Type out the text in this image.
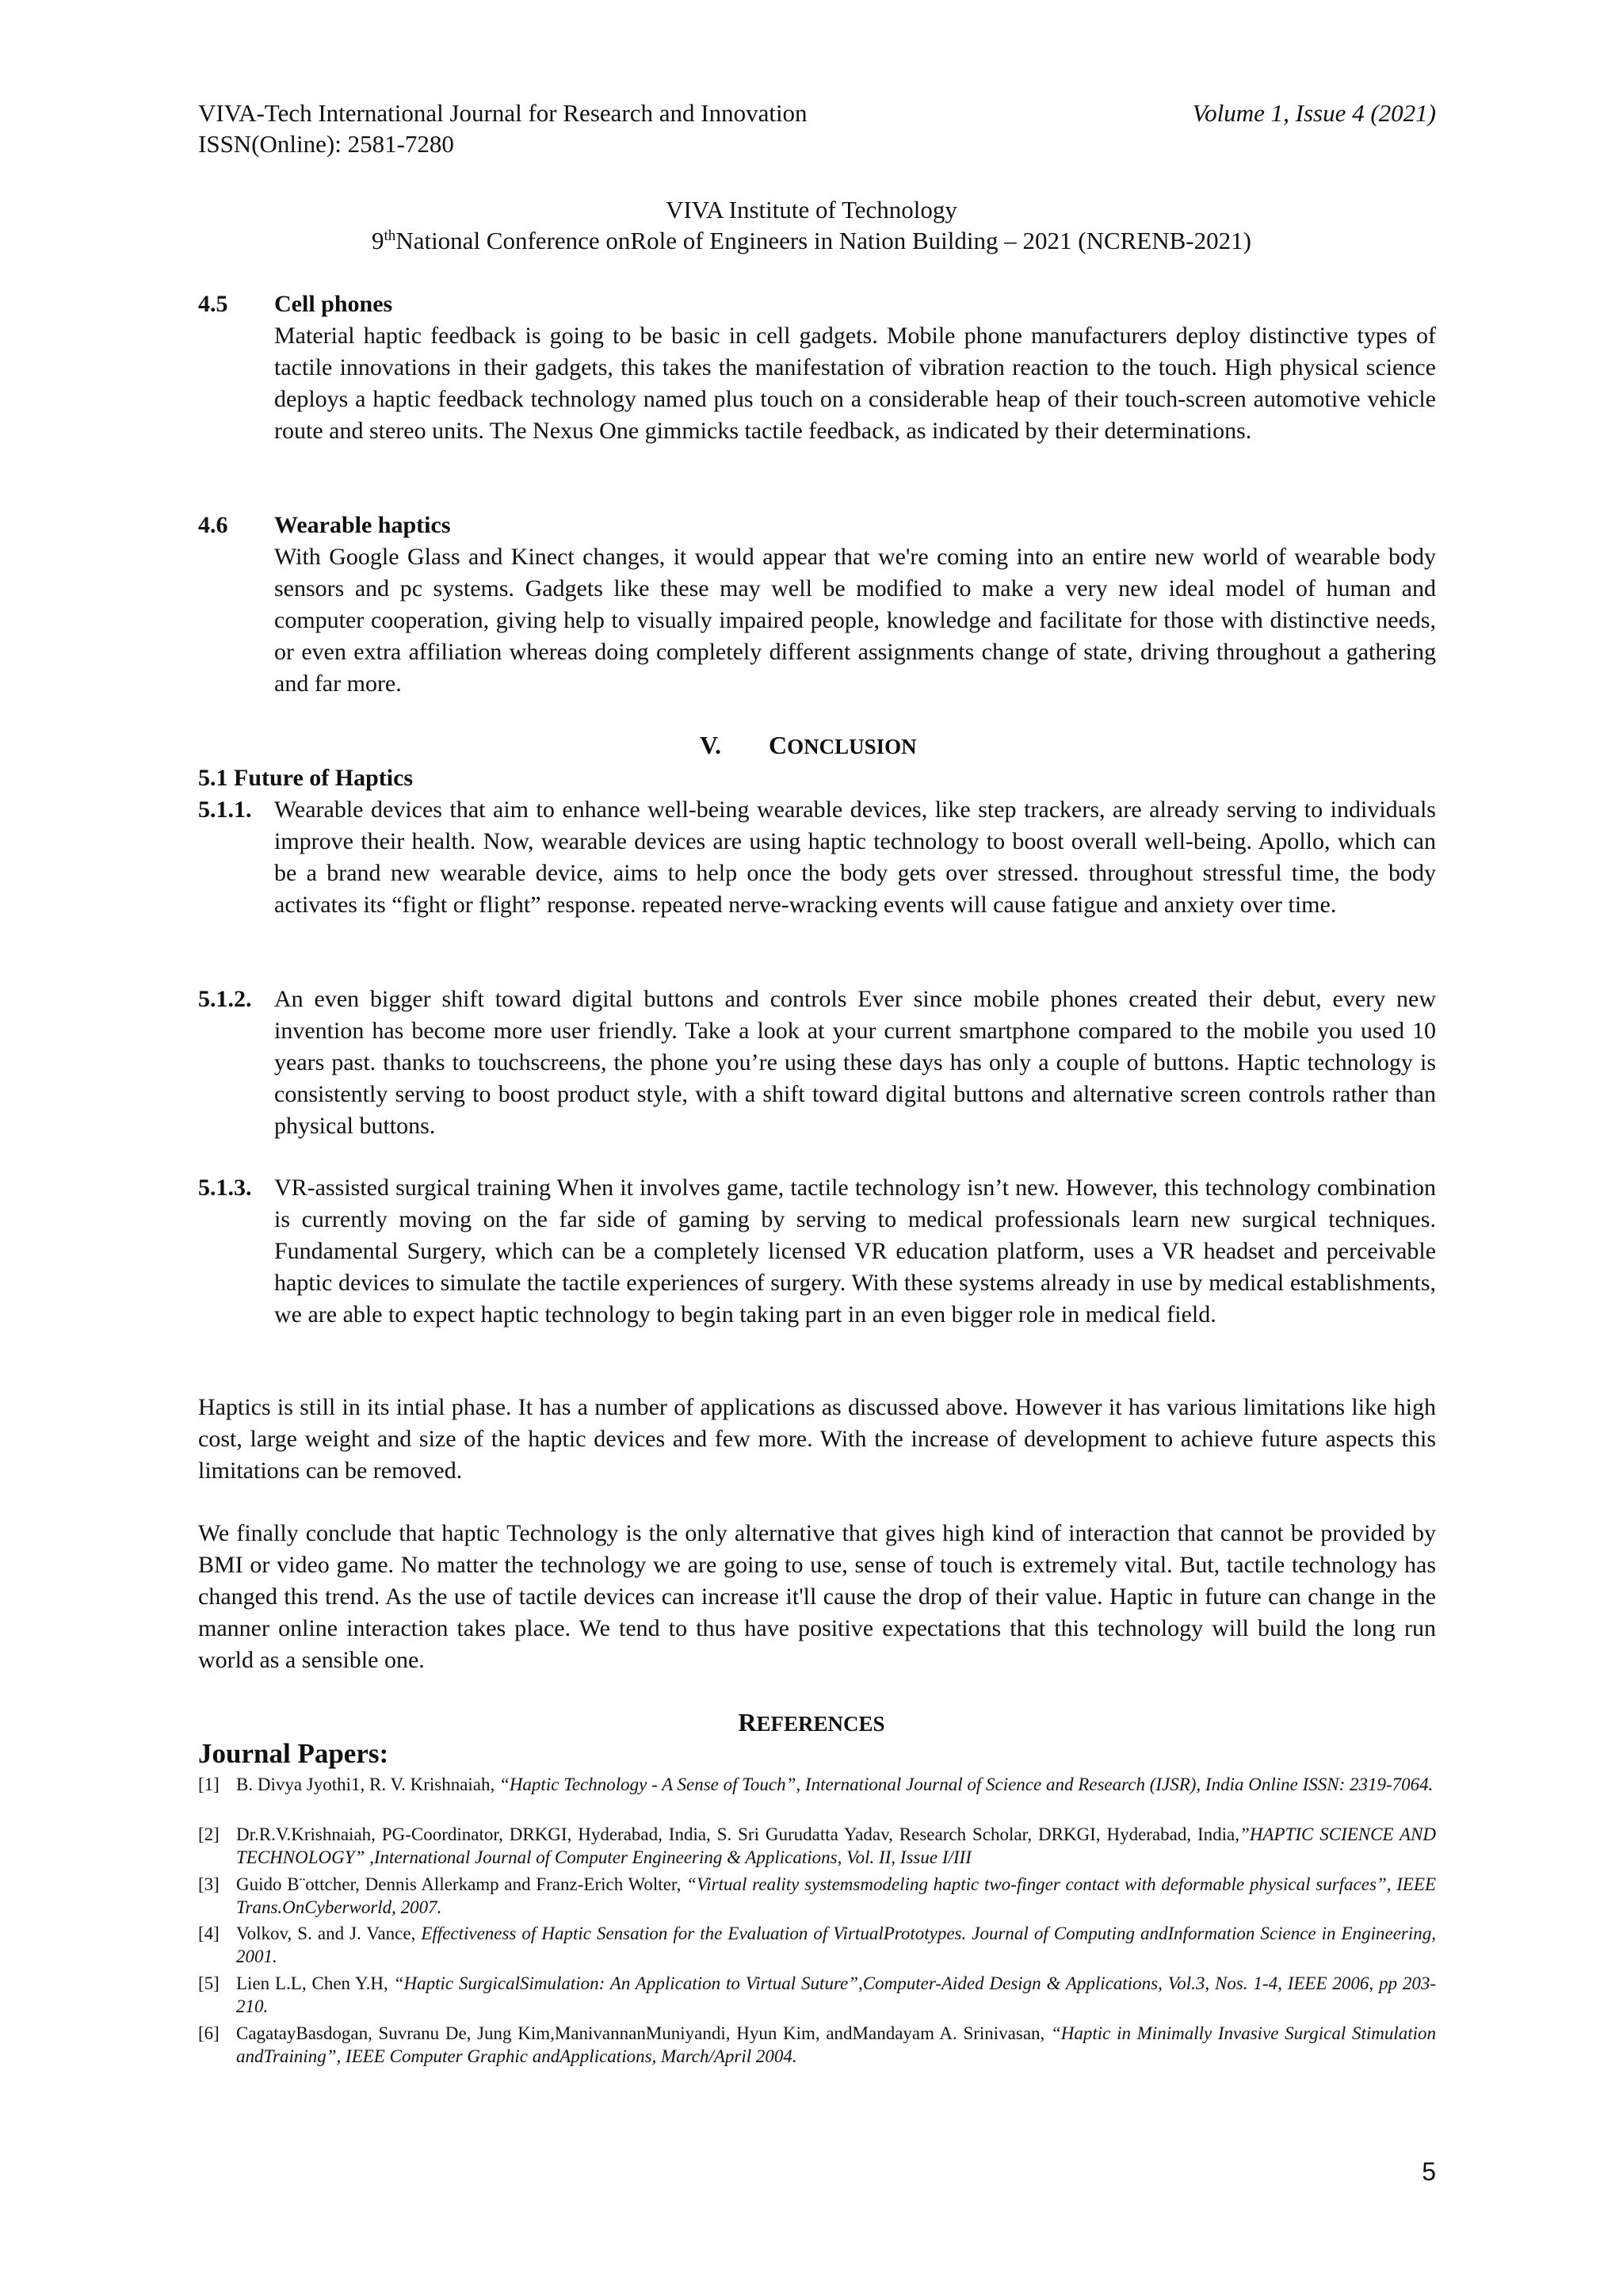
VIVA-Tech International Journal for Research and Innovation
ISSN(Online): 2581-7280
Volume 1, Issue 4 (2021)
VIVA Institute of Technology
9thNational Conference onRole of Engineers in Nation Building – 2021 (NCRENB-2021)
4.5 Cell phones

Material haptic feedback is going to be basic in cell gadgets. Mobile phone manufacturers deploy distinctive types of tactile innovations in their gadgets, this takes the manifestation of vibration reaction to the touch. High physical science deploys a haptic feedback technology named plus touch on a considerable heap of their touch-screen automotive vehicle route and stereo units. The Nexus One gimmicks tactile feedback, as indicated by their determinations.

4.6 Wearable haptics

With Google Glass and Kinect changes, it would appear that we're coming into an entire new world of wearable body sensors and pc systems. Gadgets like these may well be modified to make a very new ideal model of human and computer cooperation, giving help to visually impaired people, knowledge and facilitate for those with distinctive needs, or even extra affiliation whereas doing completely different assignments change of state, driving throughout a gathering and far more.

V. CONCLUSION
5.1 Future of Haptics
5.1.1. Wearable devices that aim to enhance well-being wearable devices, like step trackers, are already serving to individuals improve their health. Now, wearable devices are using haptic technology to boost overall well-being. Apollo, which can be a brand new wearable device, aims to help once the body gets over stressed. throughout stressful time, the body activates its “fight or flight” response. repeated nerve-wracking events will cause fatigue and anxiety over time.

5.1.2. An even bigger shift toward digital buttons and controls Ever since mobile phones created their debut, every new invention has become more user friendly. Take a look at your current smartphone compared to the mobile you used 10 years past. thanks to touchscreens, the phone you’re using these days has only a couple of buttons. Haptic technology is consistently serving to boost product style, with a shift toward digital buttons and alternative screen controls rather than physical buttons.

5.1.3. VR-assisted surgical training When it involves game, tactile technology isn’t new. However, this technology combination is currently moving on the far side of gaming by serving to medical professionals learn new surgical techniques. Fundamental Surgery, which can be a completely licensed VR education platform, uses a VR headset and perceivable haptic devices to simulate the tactile experiences of surgery. With these systems already in use by medical establishments, we are able to expect haptic technology to begin taking part in an even bigger role in medical field.

Haptics is still in its intial phase. It has a number of applications as discussed above. However it has various limitations like high cost, large weight and size of the haptic devices and few more. With the increase of development to achieve future aspects this limitations can be removed.

We finally conclude that haptic Technology is the only alternative that gives high kind of interaction that cannot be provided by BMI or video game. No matter the technology we are going to use, sense of touch is extremely vital. But, tactile technology has changed this trend. As the use of tactile devices can increase it'll cause the drop of their value. Haptic in future can change in the manner online interaction takes place. We tend to thus have positive expectations that this technology will build the long run world as a sensible one.

REFERENCES
Journal Papers:
[1] B. Divya Jyothi1, R. V. Krishnaiah, “Haptic Technology - A Sense of Touch”, International Journal of Science and Research (IJSR), India Online ISSN: 2319-7064.
[2] Dr.R.V.Krishnaiah, PG-Coordinator, DRKGI, Hyderabad, India, S. Sri Gurudatta Yadav, Research Scholar, DRKGI, Hyderabad, India,”HAPTIC SCIENCE AND TECHNOLOGY” ,International Journal of Computer Engineering & Applications, Vol. II, Issue I/III
[3] Guido B¨ottcher, Dennis Allerkamp and Franz-Erich Wolter, “Virtual reality systemsmodeling haptic two-finger contact with deformable physical surfaces”, IEEE Trans.OnCyberworld, 2007.
[4] Volkov, S. and J. Vance, Effectiveness of Haptic Sensation for the Evaluation of VirtualPrototypes. Journal of Computing andInformation Science in Engineering, 2001.
[5] Lien L.L, Chen Y.H, “Haptic SurgicalSimulation: An Application to Virtual Suture”,Computer-Aided Design & Applications, Vol.3, Nos. 1-4, IEEE 2006, pp 203-210.
[6] CagatayBasdogan, Suvranu De, Jung Kim,ManivannanMuniyandi, Hyun Kim, andMandayam A. Srinivasan, “Haptic in Minimally Invasive Surgical Stimulation andTraining”, IEEE Computer Graphic andApplications, March/April 2004.
5
